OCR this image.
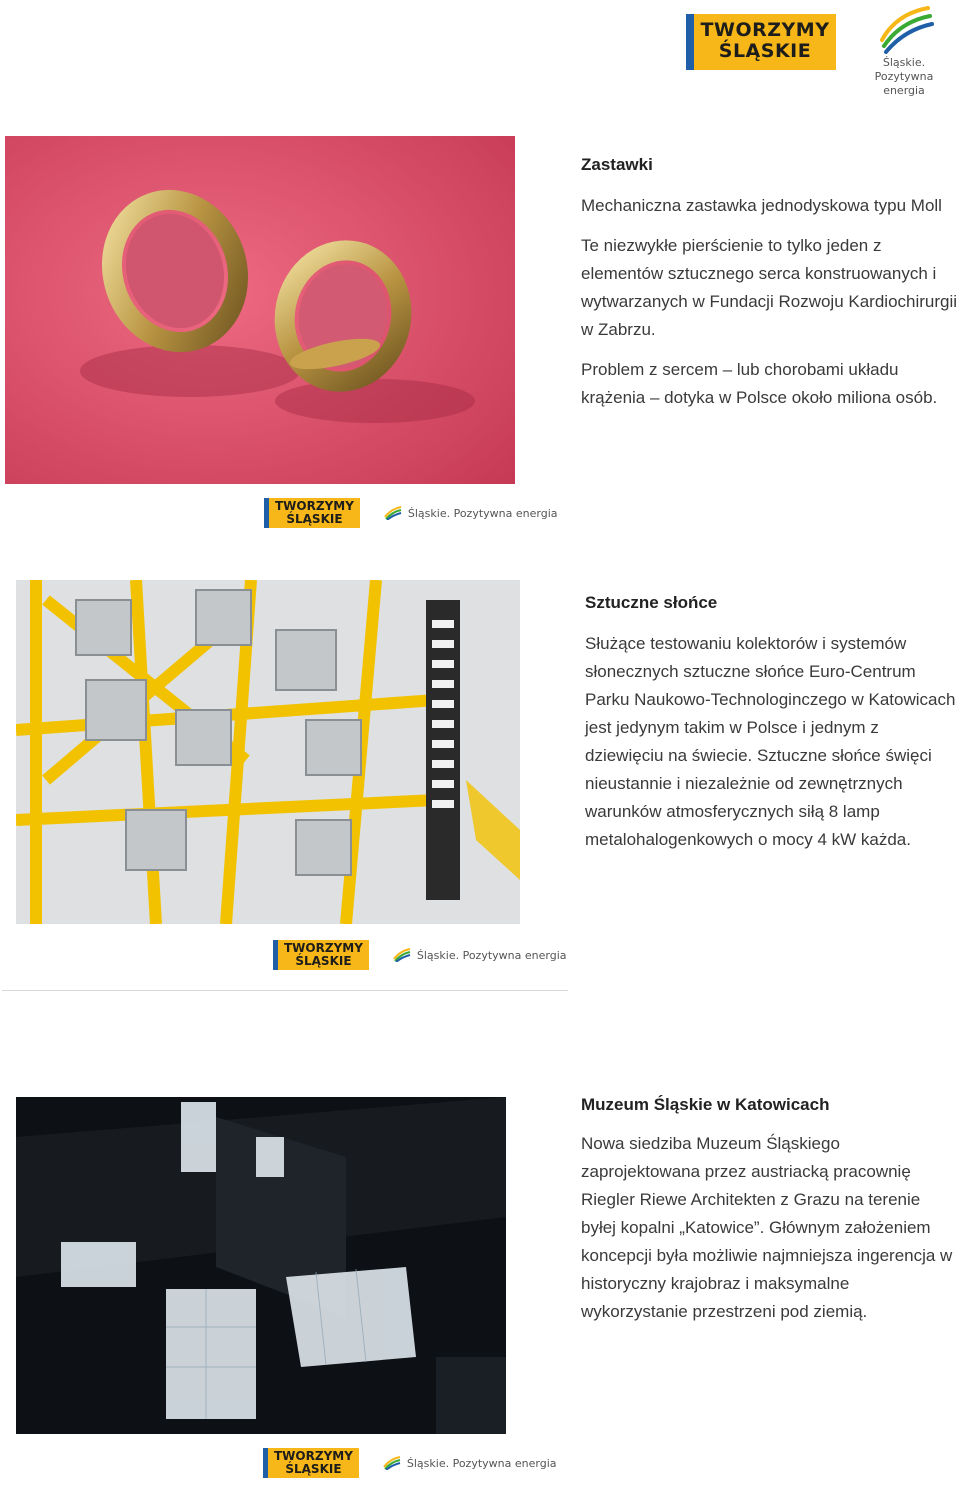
TWORZYMY
ŚLĄSKIE
Śląskie.
Pozytywna energia
Zastawki

Mechaniczna zastawka jednodyskowa typu Moll

Te niezwykłe pierścienie to tylko jeden z elementów sztucznego serca konstruowanych i wytwarzanych w Fundacji Rozwoju Kardiochirurgii w Zabrzu.

Problem z sercem – lub chorobami układu krążenia – dotyka w Polsce około miliona osób.

TWORZYMY
ŚLĄSKIE	Śląskie. Pozytywna energia
Sztuczne słońce

Służące testowaniu kolektorów i systemów słonecznych sztuczne słońce Euro-Centrum Parku Naukowo-Technologinczego w Katowicach jest jedynym takim w Polsce i jednym z dziewięciu na świecie. Sztuczne słońce święci nieustannie i niezależnie od zewnętrznych warunków atmosferycznych siłą 8 lamp metalohalogenkowych o mocy 4 kW każda.

TWORZYMY
ŚLĄSKIE	Śląskie. Pozytywna energia
Muzeum Śląskie w Katowicach

Nowa siedziba Muzeum Śląskiego zaprojektowana przez austriacką pracownię Riegler Riewe Architekten z Grazu na terenie byłej kopalni „Katowice”. Głównym założeniem koncepcji była możliwie najmniejsza ingerencja w historyczny krajobraz i maksymalne wykorzystanie przestrzeni pod ziemią.

TWORZYMY
ŚLĄSKIE	Śląskie. Pozytywna energia
